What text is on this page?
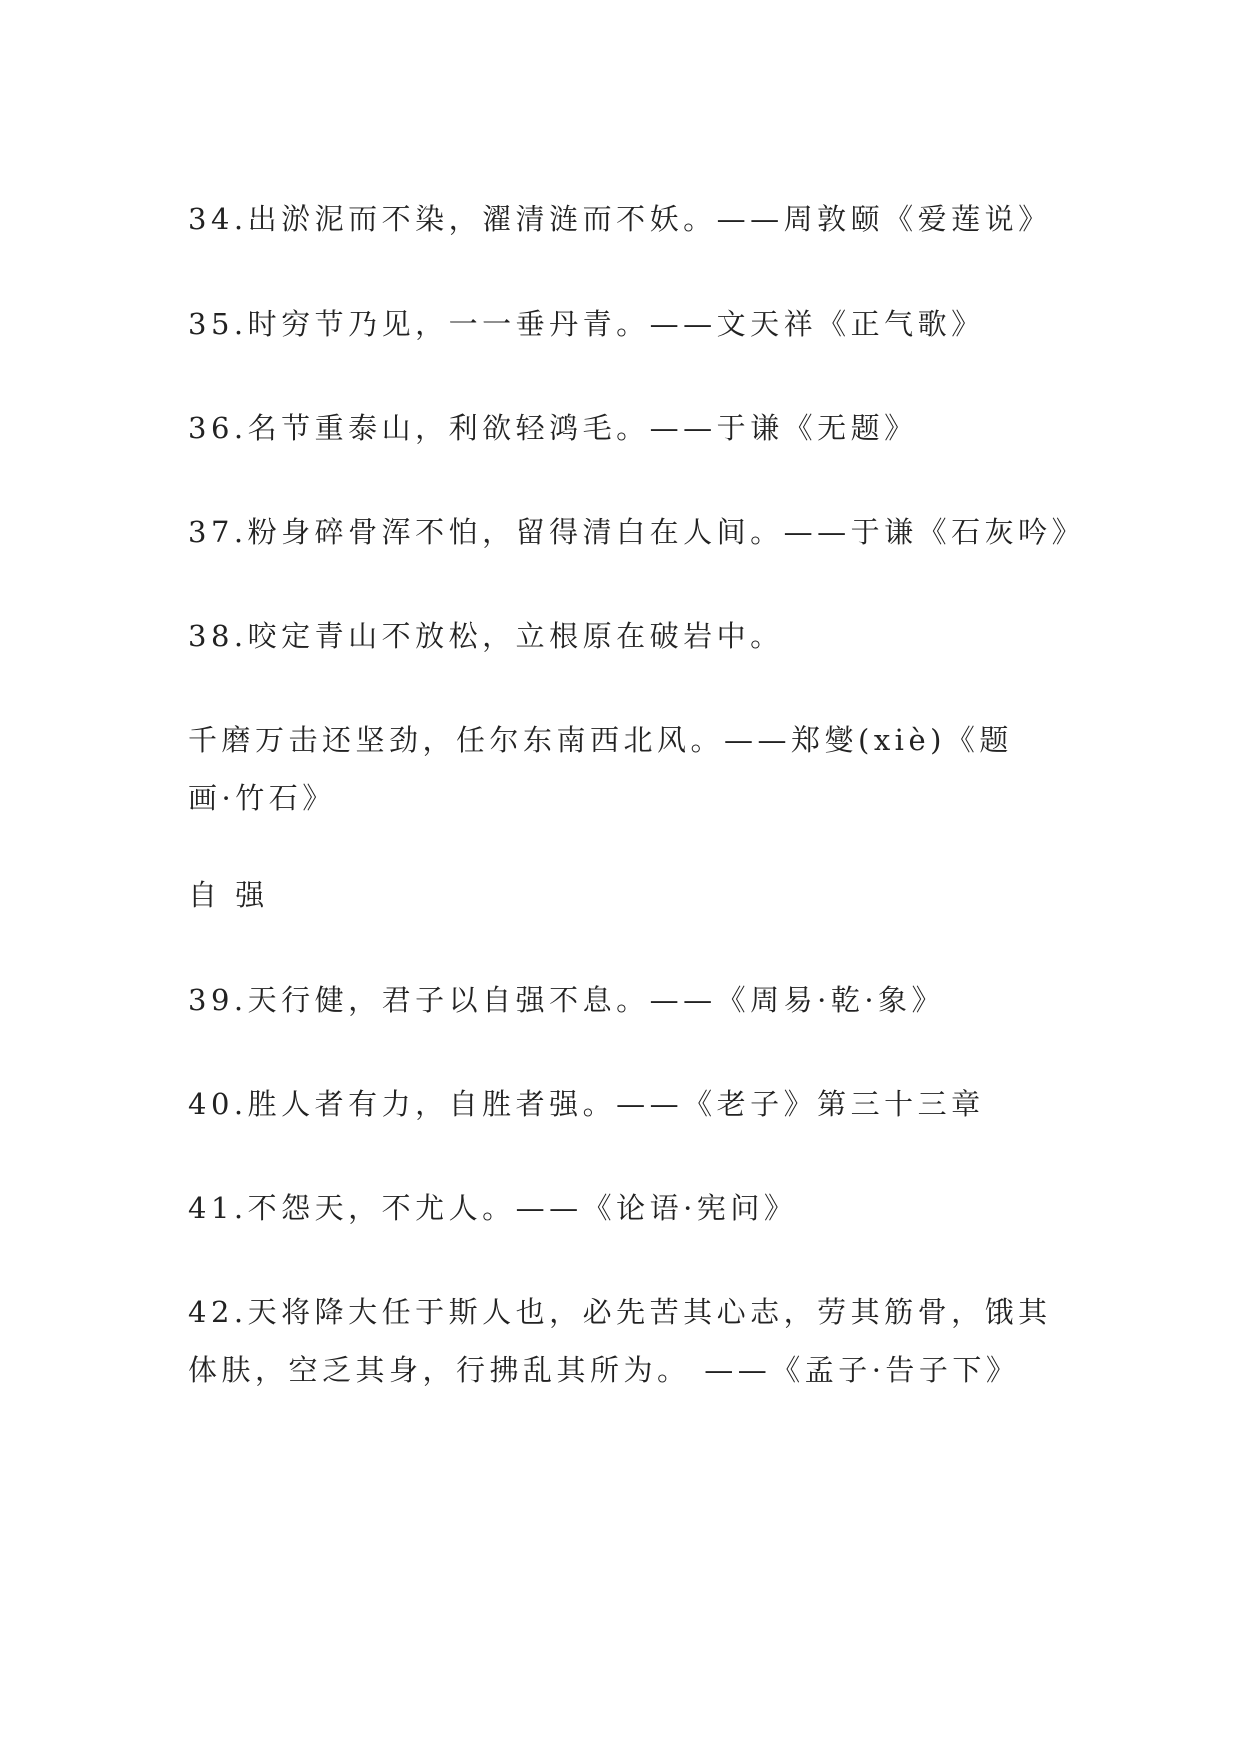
34.出淤泥而不染，濯清涟而不妖。——周敦颐《爱莲说》
35.时穷节乃见，一一垂丹青。——文天祥《正气歌》
36.名节重泰山，利欲轻鸿毛。——于谦《无题》
37.粉身碎骨浑不怕，留得清白在人间。——于谦《石灰吟》
38.咬定青山不放松，立根原在破岩中。
千磨万击还坚劲，任尔东南西北风。——郑燮(xiè)《题
画·竹石》
自 强
39.天行健，君子以自强不息。——《周易·乾·象》
40.胜人者有力，自胜者强。——《老子》第三十三章
41.不怨天，不尤人。——《论语·宪问》
42.天将降大任于斯人也，必先苦其心志，劳其筋骨，饿其
体肤，空乏其身，行拂乱其所为。 ——《孟子·告子下》
